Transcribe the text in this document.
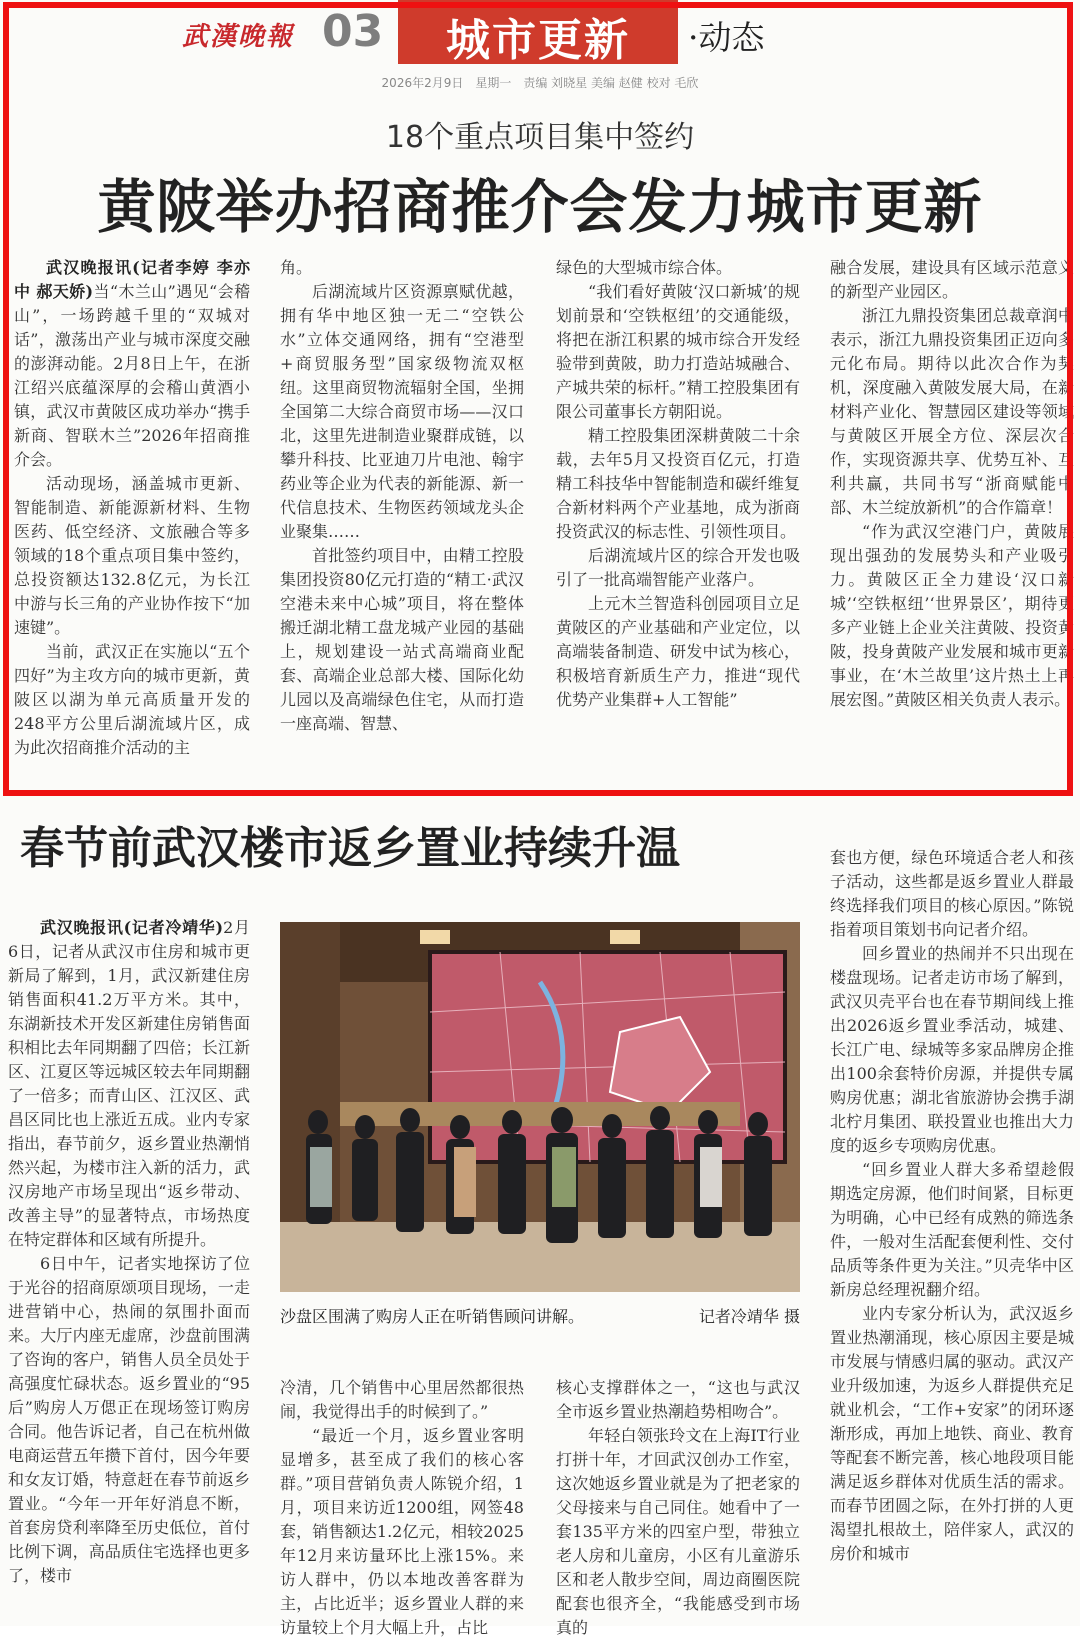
武漢晚報 03	城市更新	·动态
2026年2月9日　星期一　责编 刘晓星 美编 赵健 校对 毛欣
18个重点项目集中签约
黄陂举办招商推介会发力城市更新

武汉晚报讯(记者李婷 李亦中 郝天娇)当“木兰山”遇见“会稽山”，一场跨越千里的“双城对话”，激荡出产业与城市深度交融的澎湃动能。2月8日上午，在浙江绍兴底蕴深厚的会稽山黄酒小镇，武汉市黄陂区成功举办“携手新商、智联木兰”2026年招商推介会。

活动现场，涵盖城市更新、智能制造、新能源新材料、生物医药、低空经济、文旅融合等多领域的18个重点项目集中签约，总投资额达132.8亿元，为长江中游与长三角的产业协作按下“加速键”。

当前，武汉正在实施以“五个四好”为主攻方向的城市更新，黄陂区以湖为单元高质量开发的248平方公里后湖流域片区，成为此次招商推介活动的主

角。

后湖流域片区资源禀赋优越，拥有华中地区独一无二“空铁公水”立体交通网络，拥有“空港型+商贸服务型”国家级物流双枢纽。这里商贸物流辐射全国，坐拥全国第二大综合商贸市场——汉口北，这里先进制造业聚群成链，以攀升科技、比亚迪刀片电池、翰宇药业等企业为代表的新能源、新一代信息技术、生物医药领域龙头企业聚集……

首批签约项目中，由精工控股集团投资80亿元打造的“精工·武汉空港未来中心城”项目，将在整体搬迁湖北精工盘龙城产业园的基础上，规划建设一站式高端商业配套、高端企业总部大楼、国际化幼儿园以及高端绿色住宅，从而打造一座高端、智慧、

绿色的大型城市综合体。

“我们看好黄陂‘汉口新城’的规划前景和‘空铁枢纽’的交通能级，将把在浙江积累的城市综合开发经验带到黄陂，助力打造站城融合、产城共荣的标杆。”精工控股集团有限公司董事长方朝阳说。

精工控股集团深耕黄陂二十余载，去年5月又投资百亿元，打造精工科技华中智能制造和碳纤维复合新材料两个产业基地，成为浙商投资武汉的标志性、引领性项目。

后湖流域片区的综合开发也吸引了一批高端智能产业落户。

上元木兰智造科创园项目立足黄陂区的产业基础和产业定位，以高端装备制造、研发中试为核心，积极培育新质生产力，推进“现代优势产业集群+人工智能”

融合发展，建设具有区域示范意义的新型产业园区。

浙江九鼎投资集团总裁章润中表示，浙江九鼎投资集团正迈向多元化布局。期待以此次合作为契机，深度融入黄陂发展大局，在新材料产业化、智慧园区建设等领域与黄陂区开展全方位、深层次合作，实现资源共享、优势互补、互利共赢，共同书写“浙商赋能中部、木兰绽放新机”的合作篇章！

“作为武汉空港门户，黄陂展现出强劲的发展势头和产业吸引力。黄陂区正全力建设‘汉口新城’‘空铁枢纽’‘世界景区’，期待更多产业链上企业关注黄陂、投资黄陂，投身黄陂产业发展和城市更新事业，在‘木兰故里’这片热土上再展宏图。”黄陂区相关负责人表示。

春节前武汉楼市返乡置业持续升温

武汉晚报讯(记者冷靖华)2月6日，记者从武汉市住房和城市更新局了解到，1月，武汉新建住房销售面积41.2万平方米。其中，东湖新技术开发区新建住房销售面积相比去年同期翻了四倍；长江新区、江夏区等远城区较去年同期翻了一倍多；而青山区、江汉区、武昌区同比也上涨近五成。业内专家指出，春节前夕，返乡置业热潮悄然兴起，为楼市注入新的活力，武汉房地产市场呈现出“返乡带动、改善主导”的显著特点，市场热度在特定群体和区域有所提升。

6日中午，记者实地探访了位于光谷的招商原颂项目现场，一走进营销中心，热闹的氛围扑面而来。大厅内座无虚席，沙盘前围满了咨询的客户，销售人员全员处于高强度忙碌状态。返乡置业的“95后”购房人万偲正在现场签订购房合同。他告诉记者，自己在杭州做电商运营五年攒下首付，因今年要和女友订婚，特意赶在春节前返乡置业。“今年一开年好消息不断，首套房贷利率降至历史低位，首付比例下调，高品质住宅选择也更多了，楼市

沙盘区围满了购房人正在听销售顾问讲解。	记者冷靖华 摄

冷清，几个销售中心里居然都很热闹，我觉得出手的时候到了。”

“最近一个月，返乡置业客明显增多，甚至成了我们的核心客群。”项目营销负责人陈锐介绍，1月，项目来访近1200组，网签48套，销售额达1.2亿元，相较2025年12月来访量环比上涨15%。来访人群中，仍以本地改善客群为主，占比近半；返乡置业人群的来访量较上个月大幅上升，占比

核心支撑群体之一，“这也与武汉全市返乡置业热潮趋势相吻合”。

年轻白领张玲文在上海IT行业打拼十年，才回武汉创办工作室，这次她返乡置业就是为了把老家的父母接来与自己同住。她看中了一套135平方米的四室户型，带独立老人房和儿童房，小区有儿童游乐区和老人散步空间，周边商圈医院配套也很齐全，“我能感受到市场真的

套也方便，绿色环境适合老人和孩子活动，这些都是返乡置业人群最终选择我们项目的核心原因。”陈锐指着项目策划书向记者介绍。

回乡置业的热闹并不只出现在楼盘现场。记者走访市场了解到，武汉贝壳平台也在春节期间线上推出2026返乡置业季活动，城建、长江广电、绿城等多家品牌房企推出100余套特价房源，并提供专属购房优惠；湖北省旅游协会携手湖北柠月集团、联投置业也推出大力度的返乡专项购房优惠。

“回乡置业人群大多希望趁假期选定房源，他们时间紧，目标更为明确，心中已经有成熟的筛选条件，一般对生活配套便利性、交付品质等条件更为关注。”贝壳华中区新房总经理祝翻介绍。

业内专家分析认为，武汉返乡置业热潮涌现，核心原因主要是城市发展与情感归属的驱动。武汉产业升级加速，为返乡人群提供充足就业机会，“工作+安家”的闭环逐渐形成，再加上地铁、商业、教育等配套不断完善，核心地段项目能满足返乡群体对优质生活的需求。而春节团圆之际，在外打拼的人更渴望扎根故土，陪伴家人，武汉的房价和城市
